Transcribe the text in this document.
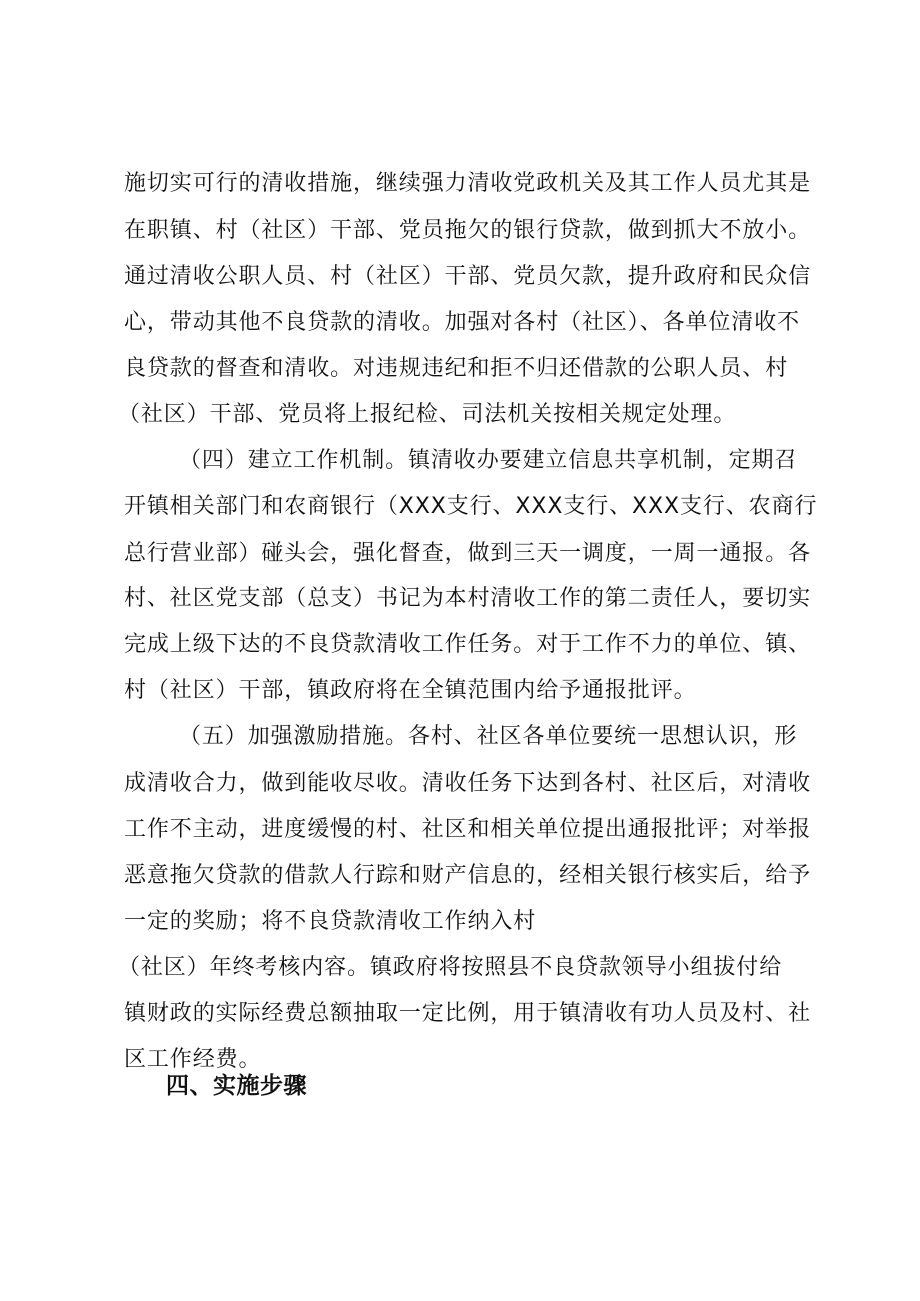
施切实可行的清收措施，继续强力清收党政机关及其工作人员尤其是

在职镇、村（社区）干部、党员拖欠的银行贷款，做到抓大不放小。

通过清收公职人员、村（社区）干部、党员欠款，提升政府和民众信

心，带动其他不良贷款的清收。加强对各村（社区）、各单位清收不

良贷款的督查和清收。对违规违纪和拒不归还借款的公职人员、村

（社区）干部、党员将上报纪检、司法机关按相关规定处理。

（四）建立工作机制。镇清收办要建立信息共享机制，定期召

开镇相关部门和农商银行（XXX支行、XXX支行、XXX支行、农商行

总行营业部）碰头会，强化督查，做到三天一调度，一周一通报。各

村、社区党支部（总支）书记为本村清收工作的第二责任人，要切实

完成上级下达的不良贷款清收工作任务。对于工作不力的单位、镇、

村（社区）干部，镇政府将在全镇范围内给予通报批评。

（五）加强激励措施。各村、社区各单位要统一思想认识，形

成清收合力，做到能收尽收。清收任务下达到各村、社区后，对清收

工作不主动，进度缓慢的村、社区和相关单位提出通报批评；对举报

恶意拖欠贷款的借款人行踪和财产信息的，经相关银行核实后，给予

一定的奖励；将不良贷款清收工作纳入村

（社区）年终考核内容。镇政府将按照县不良贷款领导小组拔付给

镇财政的实际经费总额抽取一定比例，用于镇清收有功人员及村、社

区工作经费。

四、实施步骤
